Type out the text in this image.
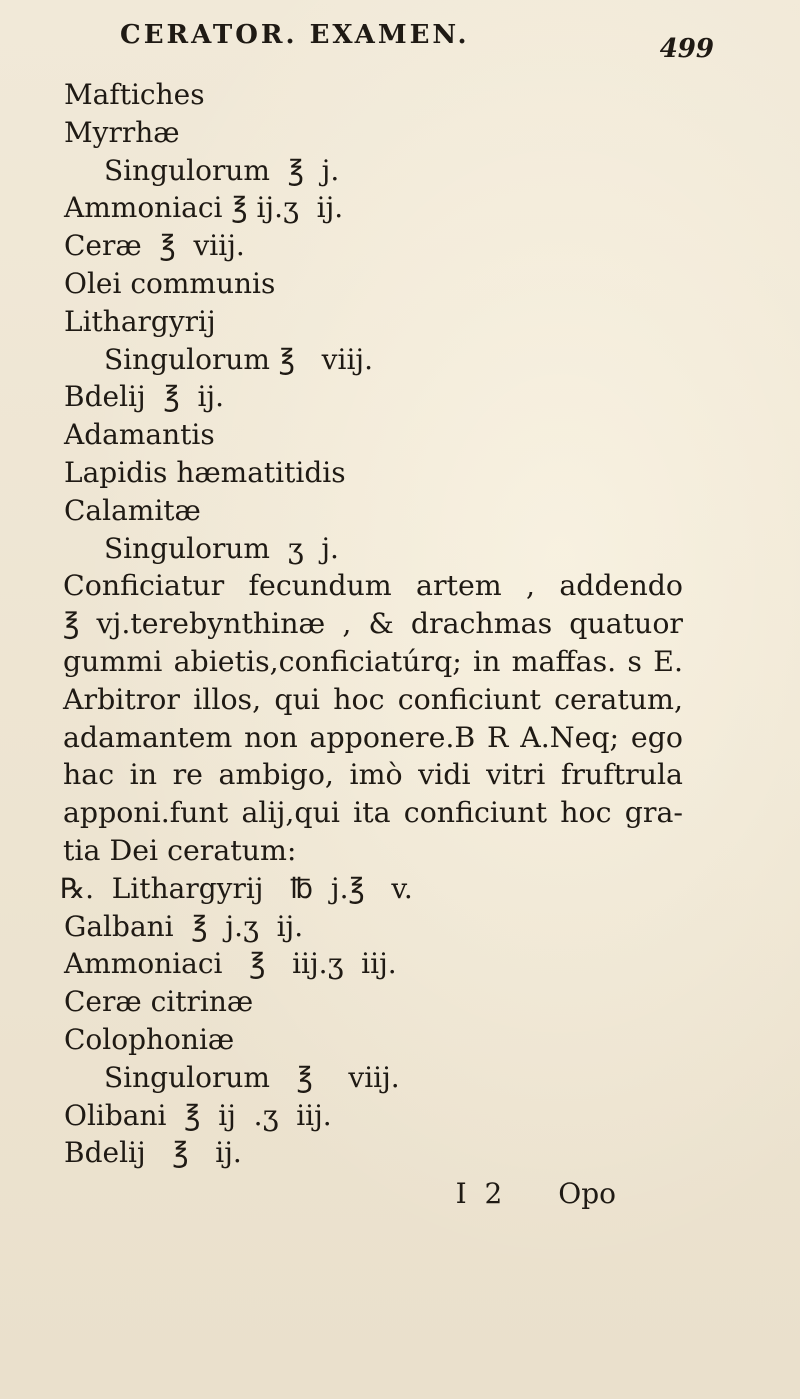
CERATOR. EXAMEN.	499
Maftiches
Myrrhæ
Singulorum  ℥  j.
Ammoniaci ℥ ij.ʒ  ij.
Ceræ  ℥  viij.
Olei communis
Lithargyrij
Singulorum ℥   viij.
Bdelij  ℥  ij.
Adamantis
Lapidis hæmatitidis
Calamitæ
Singulorum  ʒ  j.
Conficiatur fecundum artem , addendo
℥ vj.terebynthinæ , & drachmas quatuor
gummi abietis,conficiatúrq; in maffas. s E.
Arbitror illos, qui hoc conficiunt ceratum,
adamantem non apponere.B R A.Neq; ego
hac in re ambigo, imò vidi vitri fruftrula
apponi.funt alij,qui ita conficiunt hoc gra-
tia Dei ceratum:
℞.  Lithargyrij   ℔  j.℥   v.
Galbani  ℥  j.ʒ  ij.
Ammoniaci   ℥   iij.ʒ  iij.
Ceræ citrinæ
Colophoniæ
Singulorum   ℥    viij.
Olibani  ℥  ij  .ʒ  iij.
Bdelij   ℥   ij.

I  2 Opo
